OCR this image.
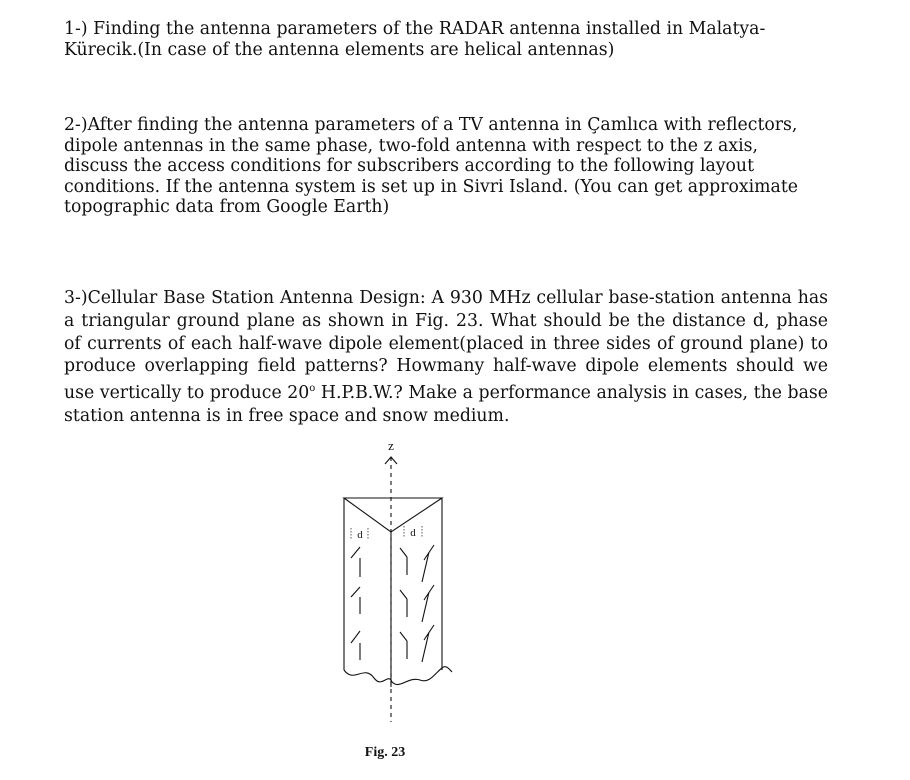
1-) Finding the antenna parameters of the RADAR antenna installed in Malatya-Kürecik.(In case of the antenna elements are helical antennas)

2-)After finding the antenna parameters of a TV antenna in Çamlıca with reflectors, dipole antennas in the same phase, two-fold antenna with respect to the z axis, discuss the access conditions for subscribers according to the following layout conditions. If the antenna system is set up in Sivri Island. (You can get approximate topographic data from Google Earth)

3-)Cellular Base Station Antenna Design: A 930 MHz cellular base-station antenna has a triangular ground plane as shown in Fig. 23. What should be the distance d, phase of currents of each half-wave dipole element(placed in three sides of ground plane) to produce overlapping field patterns? Howmany half-wave dipole elements should we use vertically to produce 20$^o$ H.P.B.W.? Make a performance analysis in cases, the base station antenna is in free space and snow medium.

z
d	d
Fig. 23
